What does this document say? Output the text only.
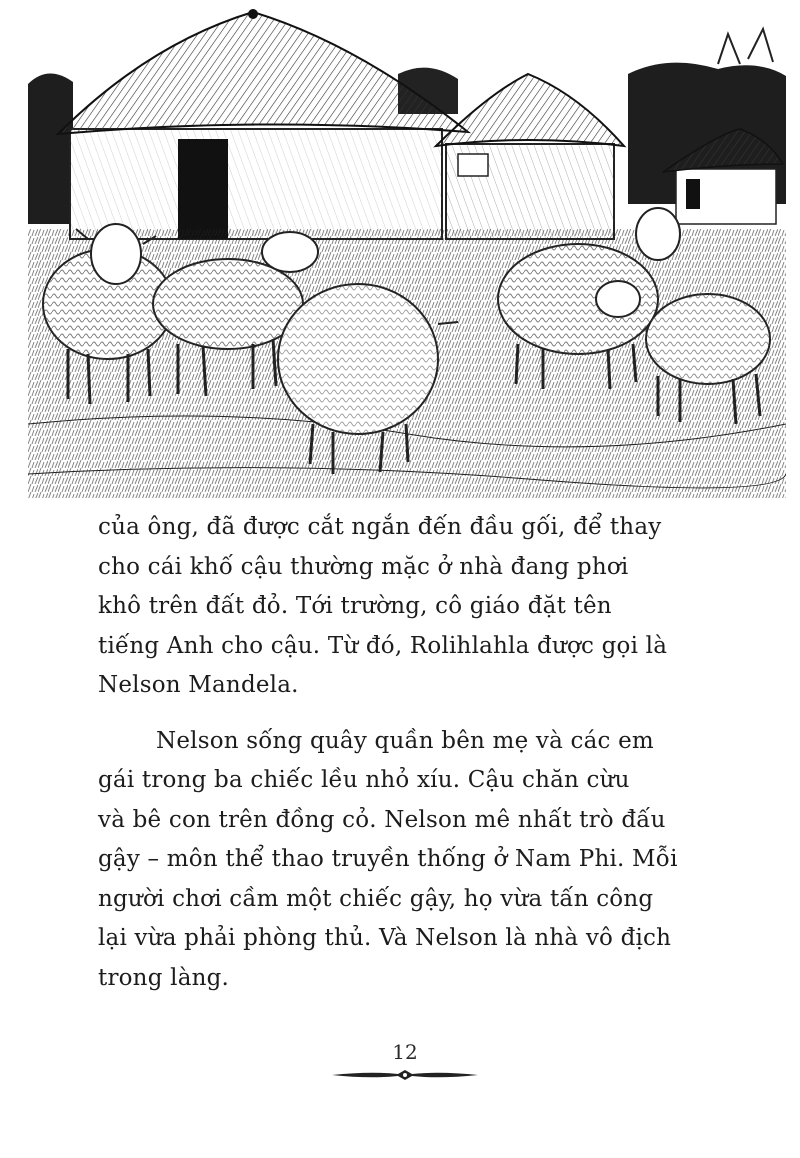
của ông, đã được cắt ngắn đến đầu gối, để thay
cho cái khố cậu thường mặc ở nhà đang phơi
khô trên đất đỏ. Tới trường, cô giáo đặt tên
tiếng Anh cho cậu. Từ đó, Rolihlahla được gọi là
Nelson Mandela.

Nelson sống quây quần bên mẹ và các em
gái trong ba chiếc lều nhỏ xíu. Cậu chăn cừu
và bê con trên đồng cỏ. Nelson mê nhất trò đấu
gậy – môn thể thao truyền thống ở Nam Phi. Mỗi
người chơi cầm một chiếc gậy, họ vừa tấn công
lại vừa phải phòng thủ. Và Nelson là nhà vô địch
trong làng.

12
